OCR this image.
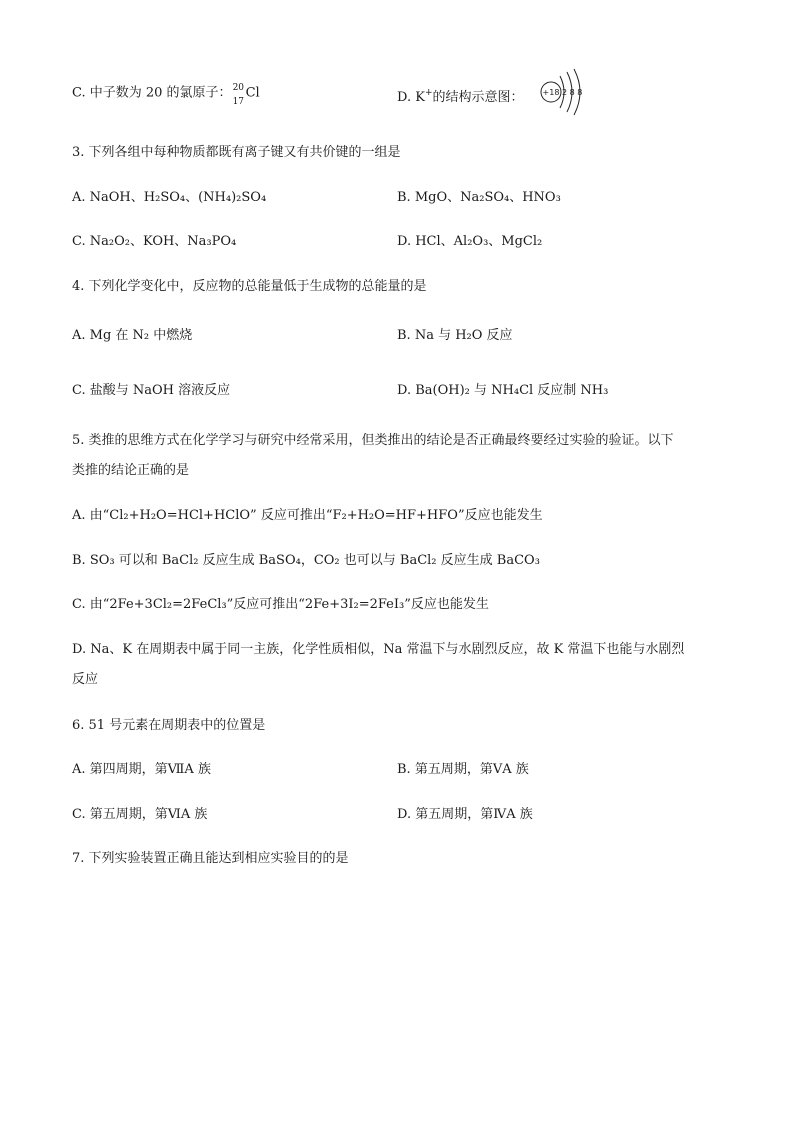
C. 中子数为 20 的氯原子： 20
17
Cl	D. K+的结构示意图： +18 2 8 8
3. 下列各组中每种物质都既有离子键又有共价键的一组是
A. NaOH、H₂SO₄、(NH₄)₂SO₄	B. MgO、Na₂SO₄、HNO₃
C. Na₂O₂、KOH、Na₃PO₄	D. HCl、Al₂O₃、MgCl₂
4. 下列化学变化中，反应物的总能量低于生成物的总能量的是
A. Mg 在 N₂ 中燃烧	B. Na 与 H₂O 反应
C. 盐酸与 NaOH 溶液反应	D. Ba(OH)₂ 与 NH₄Cl 反应制 NH₃
5. 类推的思维方式在化学学习与研究中经常采用，但类推出的结论是否正确最终要经过实验的验证。以下
类推的结论正确的是
A. 由“Cl₂+H₂O=HCl+HClO” 反应可推出“F₂+H₂O=HF+HFO”反应也能发生
B. SO₃ 可以和 BaCl₂ 反应生成 BaSO₄，CO₂ 也可以与 BaCl₂ 反应生成 BaCO₃
C. 由“2Fe+3Cl₂=2FeCl₃”反应可推出“2Fe+3I₂=2FeI₃”反应也能发生
D. Na、K 在周期表中属于同一主族，化学性质相似，Na 常温下与水剧烈反应，故 K 常温下也能与水剧烈
反应
6. 51 号元素在周期表中的位置是
A. 第四周期，第ⅦA 族	B. 第五周期，第ⅤA 族
C. 第五周期，第ⅥA 族	D. 第五周期，第ⅣA 族
7. 下列实验装置正确且能达到相应实验目的的是
